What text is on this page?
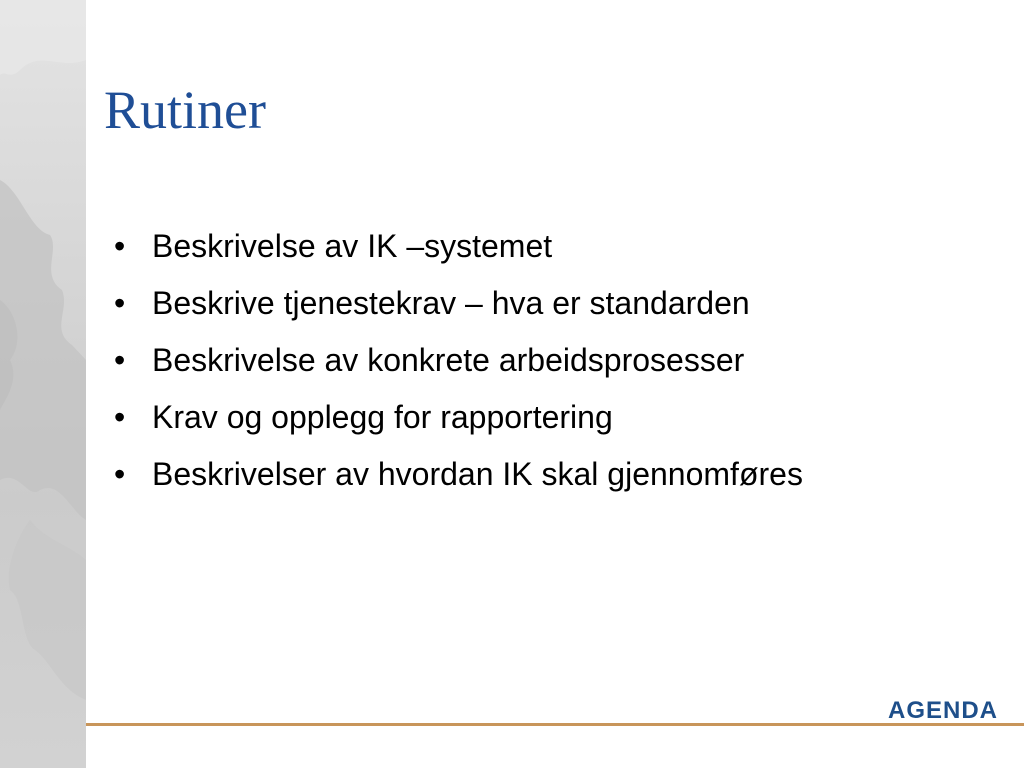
Rutiner
• Beskrivelse av IK –systemet
• Beskrive tjenestekrav – hva er standarden
• Beskrivelse av konkrete arbeidsprosesser
• Krav og opplegg for rapportering
• Beskrivelser av hvordan IK skal gjennomføres
AGENDA
